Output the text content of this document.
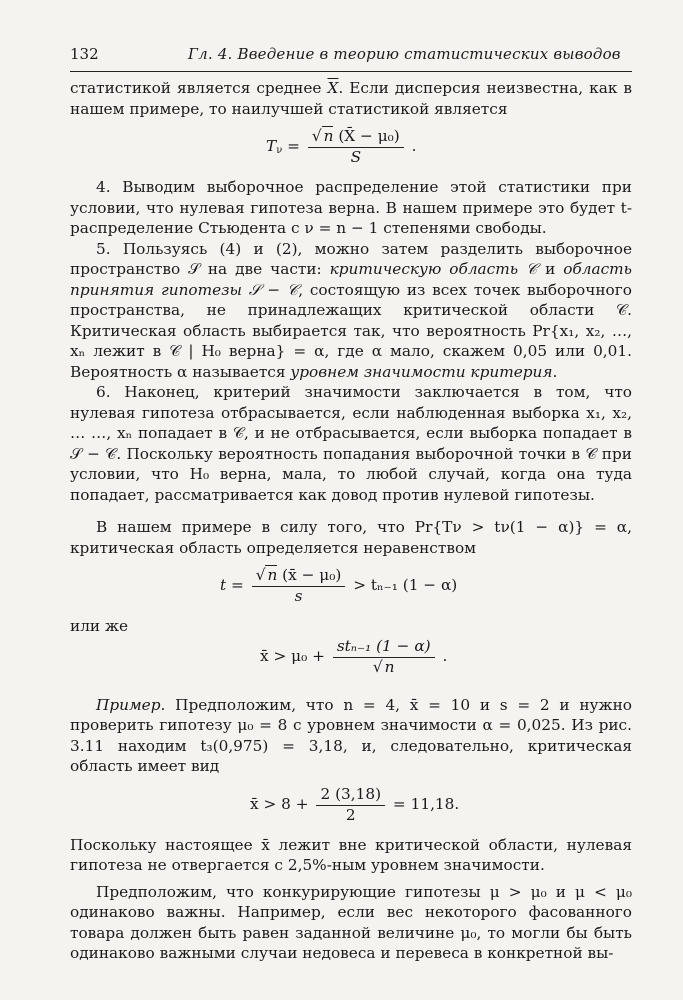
132	Гл. 4. Введение в теорию статистических выводов

статистикой является среднее $\overline{X}$. Если дисперсия неизвестна, как в нашем примере, то наилучшей статистикой является

$T_\nu = \frac{\text{√ n (X̄ − μ₀)}}{S}$ .

4. Выводим выборочное распределение этой статистики при условии, что нулевая гипотеза верна. В нашем примере это будет t-распределение Стьюдента с ν = n − 1 степенями свободы.

5. Пользуясь (4) и (2), можно затем разделить выборочное пространство 𝒮 на две части: критическую область 𝒞 и область принятия гипотезы 𝒮 − 𝒞, состоящую из всех точек выборочного пространства, не принадлежащих критической области 𝒞. Критическая область выбирается так, что вероятность Pr{x₁, x₂, …, xₙ лежит в 𝒞 | H₀ верна} = α, где α мало, скажем 0,05 или 0,01. Вероятность α называется уровнем значимости критерия.

6. Наконец, критерий значимости заключается в том, что нулевая гипотеза отбрасывается, если наблюденная выборка x₁, x₂, … …, xₙ попадает в 𝒞, и не отбрасывается, если выборка попадает в 𝒮 − 𝒞. Поскольку вероятность попадания выборочной точки в 𝒞 при условии, что H₀ верна, мала, то любой случай, когда она туда попадает, рассматривается как довод против нулевой гипотезы.

В нашем примере в силу того, что Pr{Tν > tν(1 − α)} = α, критическая область определяется неравенством

$t = \frac{\text{√ n (x̄ − μ₀)}}{s} > t_{n-1}$ (1 − α)

или же

x̄ > $\mu_0 + \frac{\text{stₙ₋₁ (1 − α)}}{√ n}$ .

Пример. Предположим, что n = 4, x̄ = 10 и s = 2 и нужно проверить гипотезу μ₀ = 8 с уровнем значимости α = 0,025. Из рис. 3.11 находим t₃(0,975) = 3,18, и, следовательно, критическая область имеет вид

x̄ > $8 + \frac{2 (3,18)}{2} = 11,18$.

Поскольку настоящее x̄ лежит вне критической области, нулевая гипотеза не отвергается с 2,5%-ным уровнем значимости.

Предположим, что конкурирующие гипотезы μ > μ₀ и μ < μ₀ одинаково важны. Например, если вес некоторого фасованного товара должен быть равен заданной величине μ₀, то могли бы быть одинаково важными случаи недовеса и перевеса в конкретной вы-
